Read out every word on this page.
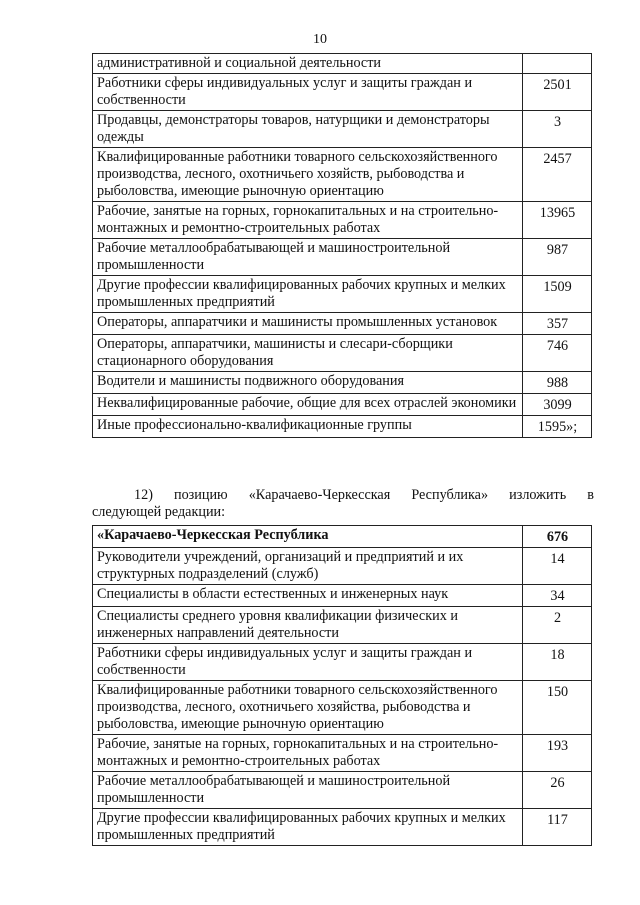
10
административной и социальной деятельности	
Работники сферы индивидуальных услуг и защиты граждан и собственности	2501
Продавцы, демонстраторы товаров, натурщики и демонстраторы одежды	3
Квалифицированные работники товарного сельскохозяйственного производства, лесного, охотничьего хозяйств, рыбоводства и рыболовства, имеющие рыночную ориентацию	2457
Рабочие, занятые на горных, горнокапитальных и на строительно-монтажных и ремонтно-строительных работах	13965
Рабочие металлообрабатывающей и машиностроительной промышленности	987
Другие профессии квалифицированных рабочих крупных и мелких промышленных предприятий	1509
Операторы, аппаратчики и машинисты промышленных установок	357
Операторы, аппаратчики, машинисты и слесари-сборщики стационарного оборудования	746
Водители и машинисты подвижного оборудования	988
Неквалифицированные рабочие, общие для всех отраслей экономики	3099
Иные профессионально-квалификационные группы	1595»;
12) позицию «Карачаево-Черкесская Республика» изложить в
следующей редакции:
«Карачаево-Черкесская Республика	676
Руководители учреждений, организаций и предприятий и их структурных подразделений (служб)	14
Специалисты в области естественных и инженерных наук	34
Специалисты среднего уровня квалификации физических и инженерных направлений деятельности	2
Работники сферы индивидуальных услуг и защиты граждан и собственности	18
Квалифицированные работники товарного сельскохозяйственного производства, лесного, охотничьего хозяйства, рыбоводства и рыболовства, имеющие рыночную ориентацию	150
Рабочие, занятые на горных, горнокапитальных и на строительно-монтажных и ремонтно-строительных работах	193
Рабочие металлообрабатывающей и машиностроительной промышленности	26
Другие профессии квалифицированных рабочих крупных и мелких промышленных предприятий	117
